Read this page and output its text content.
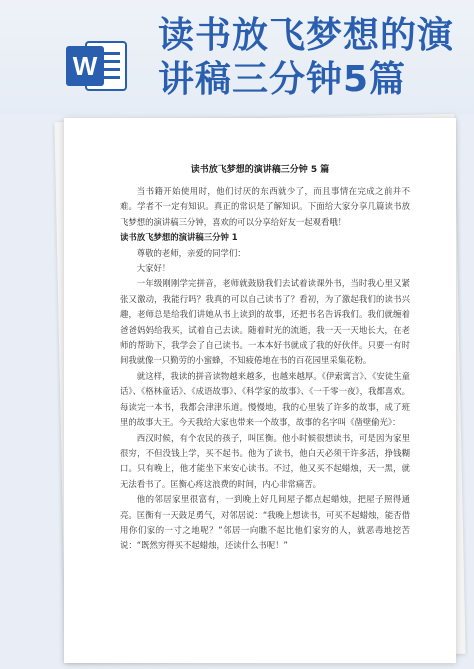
W
读书放飞梦想的演
讲稿三分钟5篇
读书放飞梦想的演讲稿三分钟 5 篇

当书籍开始使用时，他们讨厌的东西就少了，而且事情在完成之前并不难。学者不一定有知识。真正的常识是了解知识。下面给大家分享几篇读书放飞梦想的演讲稿三分钟，喜欢的可以分享给好友一起观看哦！

读书放飞梦想的演讲稿三分钟 1

尊敬的老师，亲爱的同学们：

大家好！

一年级刚刚学完拼音，老师就鼓励我们去试着读课外书，当时我心里又紧张又激动，我能行吗？我真的可以自己读书了？看初，为了激起我们的读书兴趣，老师总是给我们讲她从书上读到的故事，还把书名告诉我们。我们就缠着爸爸妈妈给我买，试着自己去读。随着时光的流逝，我一天一天地长大，在老师的帮助下，我学会了自己读书。一本本好书就成了我的好伙伴。只要一有时间我就像一只勤劳的小蜜蜂，不知疲倦地在书的百花园里采集花粉。

就这样，我读的拼音读物越来越多，也越来越厚。《伊索寓言》、《安徒生童话》、《格林童话》、《成语故事》、《科学家的故事》、《一千零一夜》，我都喜欢。每读完一本书，我都会津津乐道。慢慢地，我的心里装了许多的故事，成了班里的故事大王。今天我给大家也带来一个故事，故事的名字叫《凿壁偷光》：

西汉时候，有个农民的孩子，叫匡衡。他小时候很想读书，可是因为家里很穷，不但没钱上学，买不起书。他为了读书，他白天必须干许多活，挣钱糊口。只有晚上，他才能坐下来安心读书。不过，他又买不起蜡烛，天一黑，就无法看书了。匡衡心疼这浪费的时间，内心非常痛苦。

他的邻居家里很富有，一到晚上好几间屋子都点起蜡烛，把屋子照得通亮。匡衡有一天鼓足勇气，对邻居说：“我晚上想读书，可买不起蜡烛，能否借用你们家的一寸之地呢？”邻居一向瞧不起比他们家穷的人，就恶毒地挖苦说：“既然穷得买不起蜡烛，还读什么书呢！”
